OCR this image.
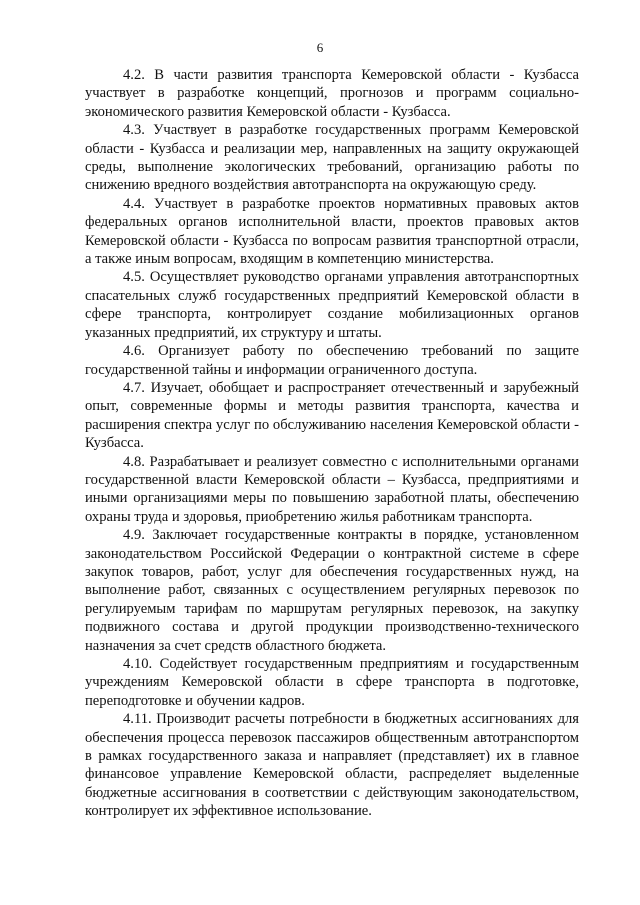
6

4.2. В части развития транспорта Кемеровской области - Кузбасса участвует в разработке концепций, прогнозов и программ социально-экономического развития Кемеровской области - Кузбасса.

4.3. Участвует в разработке государственных программ Кемеровской области - Кузбасса и реализации мер, направленных на защиту окружающей среды, выполнение экологических требований, организацию работы по снижению вредного воздействия автотранспорта на окружающую среду.

4.4. Участвует в разработке проектов нормативных правовых актов федеральных органов исполнительной власти, проектов правовых актов Кемеровской области - Кузбасса по вопросам развития транспортной отрасли, а также иным вопросам, входящим в компетенцию министерства.

4.5. Осуществляет руководство органами управления автотранспортных спасательных служб государственных предприятий Кемеровской области в сфере транспорта, контролирует создание мобилизационных органов указанных предприятий, их структуру и штаты.

4.6. Организует работу по обеспечению требований по защите государственной тайны и информации ограниченного доступа.

4.7. Изучает, обобщает и распространяет отечественный и зарубежный опыт, современные формы и методы развития транспорта, качества и расширения спектра услуг по обслуживанию населения Кемеровской области - Кузбасса.

4.8. Разрабатывает и реализует совместно с исполнительными органами государственной власти Кемеровской области – Кузбасса, предприятиями и иными организациями меры по повышению заработной платы, обеспечению охраны труда и здоровья, приобретению жилья работникам транспорта.

4.9. Заключает государственные контракты в порядке, установленном законодательством Российской Федерации о контрактной системе в сфере закупок товаров, работ, услуг для обеспечения государственных нужд, на выполнение работ, связанных с осуществлением регулярных перевозок по регулируемым тарифам по маршрутам регулярных перевозок, на закупку подвижного состава и другой продукции производственно-технического назначения за счет средств областного бюджета.

4.10. Содействует государственным предприятиям и государственным учреждениям Кемеровской области в сфере транспорта в подготовке, переподготовке и обучении кадров.

4.11. Производит расчеты потребности в бюджетных ассигнованиях для обеспечения процесса перевозок пассажиров общественным автотранспортом в рамках государственного заказа и направляет (представляет) их в главное финансовое управление Кемеровской области, распределяет выделенные бюджетные ассигнования в соответствии с действующим законодательством, контролирует их эффективное использование.
